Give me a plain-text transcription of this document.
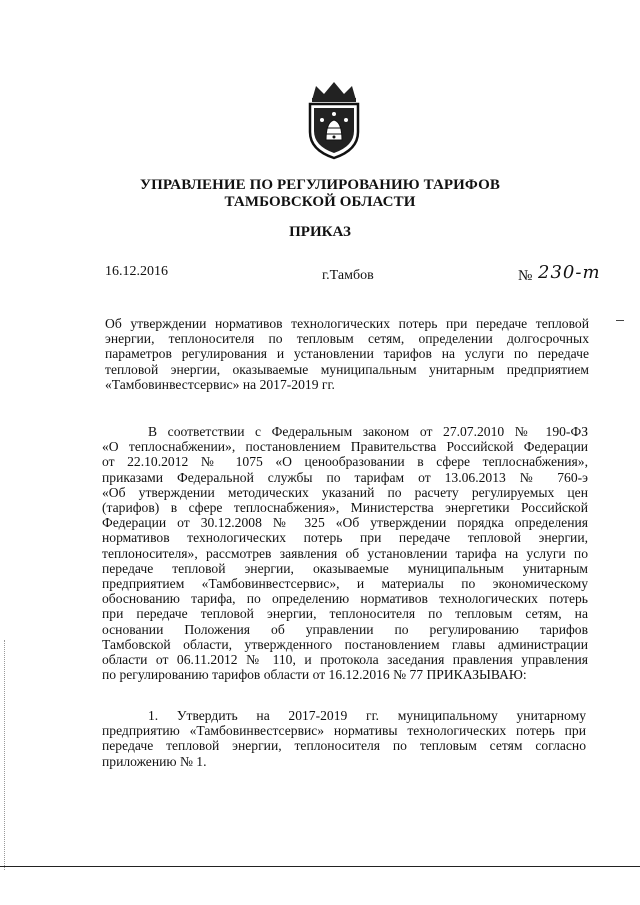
УПРАВЛЕНИЕ ПО РЕГУЛИРОВАНИЮ ТАРИФОВ
ТАМБОВСКОЙ ОБЛАСТИ
ПРИКАЗ
16.12.2016	г.Тамбов	№ 230-т
Об утверждении нормативов технологических потерь при передаче тепловой
энергии, теплоносителя по тепловым сетям, определении долгосрочных
параметров регулирования и установлении тарифов на услуги по передаче
тепловой энергии, оказываемые муниципальным унитарным предприятием
«Тамбовинвестсервис» на 2017-2019 гг.
В соответствии с Федеральным законом от 27.07.2010 № 190-ФЗ
«О теплоснабжении», постановлением Правительства Российской Федерации
от 22.10.2012 № 1075 «О ценообразовании в сфере теплоснабжения»,
приказами Федеральной службы по тарифам от 13.06.2013 № 760-э
«Об утверждении методических указаний по расчету регулируемых цен
(тарифов) в сфере теплоснабжения», Министерства энергетики Российской
Федерации от 30.12.2008 № 325 «Об утверждении порядка определения
нормативов технологических потерь при передаче тепловой энергии,
теплоносителя», рассмотрев заявления об установлении тарифа на услуги по
передаче тепловой энергии, оказываемые муниципальным унитарным
предприятием «Тамбовинвестсервис», и материалы по экономическому
обоснованию тарифа, по определению нормативов технологических потерь
при передаче тепловой энергии, теплоносителя по тепловым сетям, на
основании Положения об управлении по регулированию тарифов
Тамбовской области, утвержденного постановлением главы администрации
области от 06.11.2012 № 110, и протокола заседания правления управления
по регулированию тарифов области от 16.12.2016 № 77 ПРИКАЗЫВАЮ:
1. Утвердить на 2017-2019 гг. муниципальному унитарному
предприятию «Тамбовинвестсервис» нормативы технологических потерь при
передаче тепловой энергии, теплоносителя по тепловым сетям согласно
приложению № 1.
